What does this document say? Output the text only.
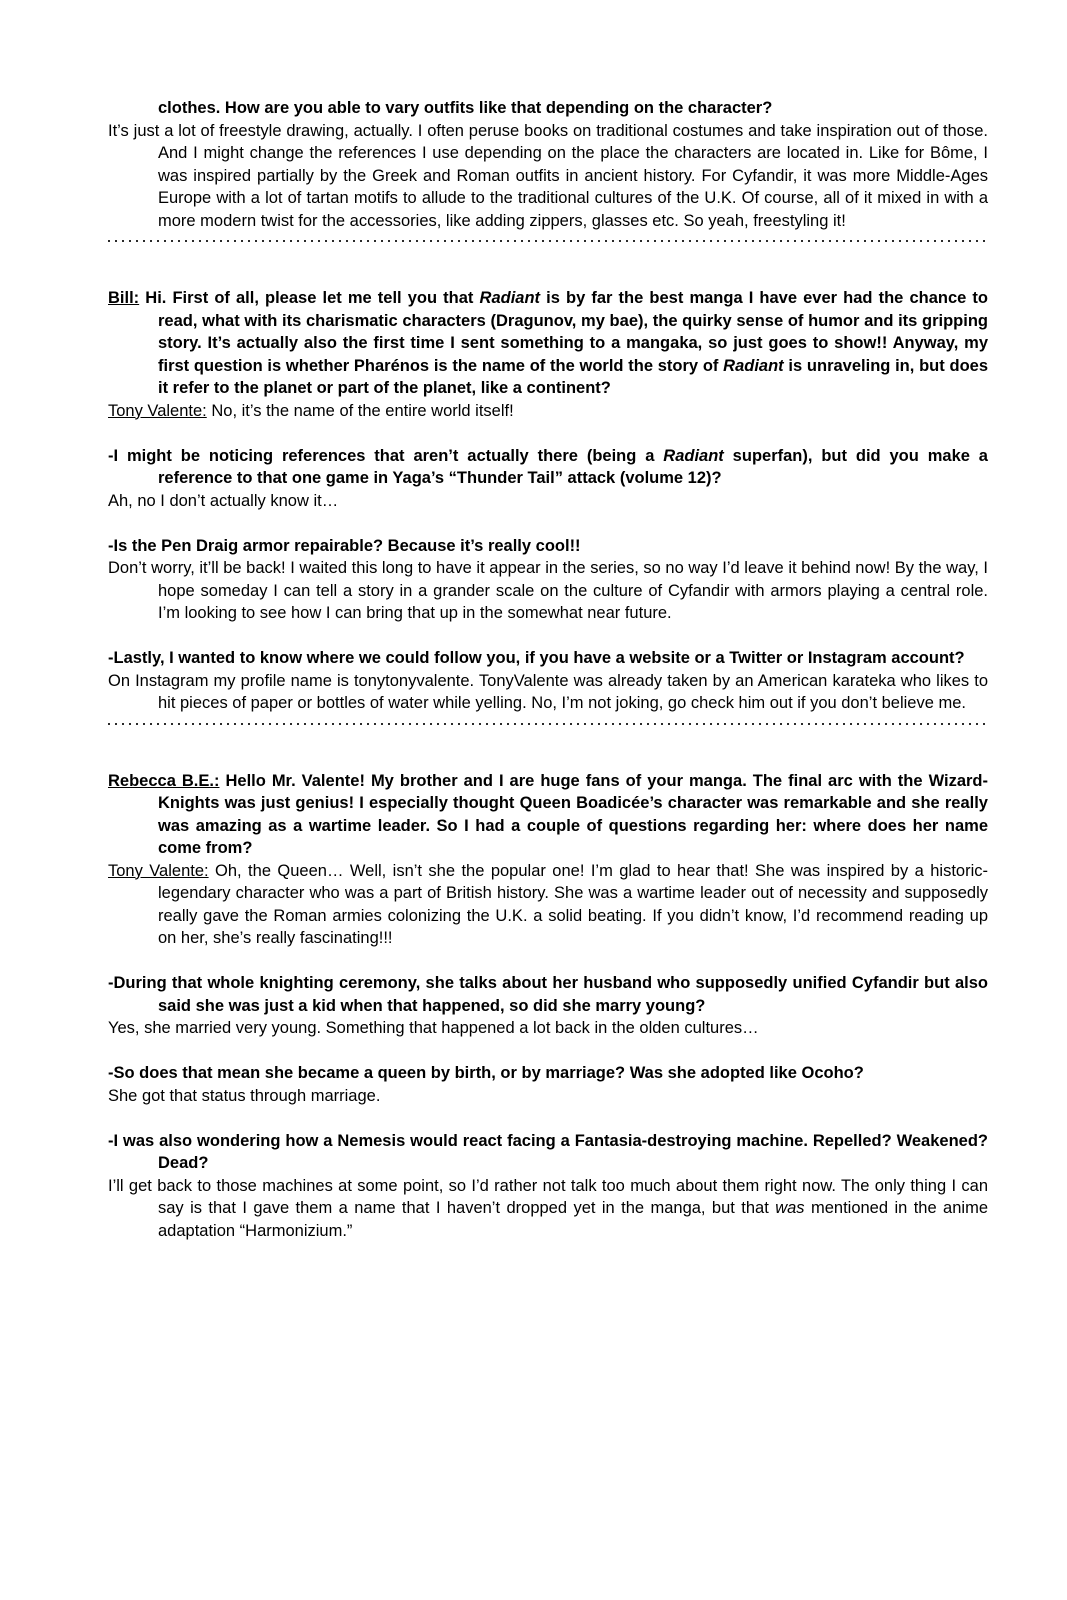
clothes. How are you able to vary outfits like that depending on the character?

It’s just a lot of freestyle drawing, actually. I often peruse books on traditional costumes and take inspiration out of those. And I might change the references I use depending on the place the characters are located in. Like for Bôme, I was inspired partially by the Greek and Roman outfits in ancient history. For Cyfandir, it was more Middle-Ages Europe with a lot of tartan motifs to allude to the traditional cultures of the U.K. Of course, all of it mixed in with a more modern twist for the accessories, like adding zippers, glasses etc. So yeah, freestyling it!

Bill: Hi. First of all, please let me tell you that Radiant is by far the best manga I have ever had the chance to read, what with its charismatic characters (Dragunov, my bae), the quirky sense of humor and its gripping story. It’s actually also the first time I sent something to a mangaka, so just goes to show!! Anyway, my first question is whether Pharénos is the name of the world the story of Radiant is unraveling in, but does it refer to the planet or part of the planet, like a continent?

Tony Valente: No, it’s the name of the entire world itself!

-I might be noticing references that aren’t actually there (being a Radiant superfan), but did you make a reference to that one game in Yaga’s “Thunder Tail” attack (volume 12)?

Ah, no I don’t actually know it…

-Is the Pen Draig armor repairable? Because it’s really cool!!

Don’t worry, it’ll be back! I waited this long to have it appear in the series, so no way I’d leave it behind now! By the way, I hope someday I can tell a story in a grander scale on the culture of Cyfandir with armors playing a central role. I’m looking to see how I can bring that up in the somewhat near future.

-Lastly, I wanted to know where we could follow you, if you have a website or a Twitter or Instagram account?

On Instagram my profile name is tonytonyvalente. TonyValente was already taken by an American karateka who likes to hit pieces of paper or bottles of water while yelling. No, I’m not joking, go check him out if you don’t believe me.

Rebecca B.E.: Hello Mr. Valente! My brother and I are huge fans of your manga. The final arc with the Wizard-Knights was just genius! I especially thought Queen Boadicée’s character was remarkable and she really was amazing as a wartime leader. So I had a couple of questions regarding her: where does her name come from?

Tony Valente: Oh, the Queen… Well, isn’t she the popular one! I’m glad to hear that! She was inspired by a historic-legendary character who was a part of British history. She was a wartime leader out of necessity and supposedly really gave the Roman armies colonizing the U.K. a solid beating. If you didn’t know, I’d recommend reading up on her, she’s really fascinating!!!

-During that whole knighting ceremony, she talks about her husband who supposedly unified Cyfandir but also said she was just a kid when that happened, so did she marry young?

Yes, she married very young. Something that happened a lot back in the olden cultures…

-So does that mean she became a queen by birth, or by marriage? Was she adopted like Ocoho?

She got that status through marriage.

-I was also wondering how a Nemesis would react facing a Fantasia-destroying machine. Repelled? Weakened? Dead?

I’ll get back to those machines at some point, so I’d rather not talk too much about them right now. The only thing I can say is that I gave them a name that I haven’t dropped yet in the manga, but that was mentioned in the anime adaptation “Harmonizium.”
